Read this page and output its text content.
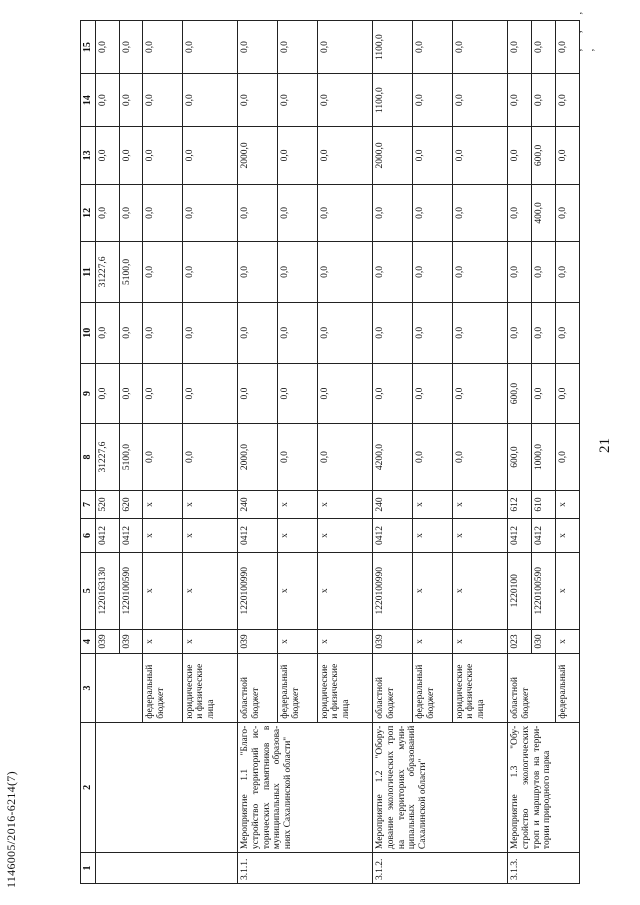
1146005/2016-6214(7)
21
ʼ ʼ ʼ ʼ
1	2	3	4	5	6	7	8	9	10	11	12	13	14	15
			039	1220163130	0412	520	31227,6	0,0	0,0	31227,6	0,0	0,0	0,0	0,0
			039	1220100590	0412	620	5100,0	0,0	0,0	5100,0	0,0	0,0	0,0	0,0
		федеральный бюджет	x	x	x	x	0,0	0,0	0,0	0,0	0,0	0,0	0,0	0,0
		юридические и физические лица	x	x	x	x	0,0	0,0	0,0	0,0	0,0	0,0	0,0	0,0
3.1.1.	Мероприятие 1.1 "Благо-устройство территорий ис-торических памятников в муниципальных образова-ниях Сахалинской области"	областной бюджет	039	1220100990	0412	240	2000,0	0,0	0,0	0,0	0,0	2000,0	0,0	0,0
		федеральный бюджет	x	x	x	x	0,0	0,0	0,0	0,0	0,0	0,0	0,0	0,0
		юридические и физические лица	x	x	x	x	0,0	0,0	0,0	0,0	0,0	0,0	0,0	0,0
3.1.2.	Мероприятие 1.2 "Обору-дование экологических троп на территориях муни-ципальных образований Сахалинской области"	областной бюджет	039	1220100990	0412	240	4200,0	0,0	0,0	0,0	0,0	2000,0	1100,0	1100,0
		федеральный бюджет	x	x	x	x	0,0	0,0	0,0	0,0	0,0	0,0	0,0	0,0
		юридические и физические лица	x	x	x	x	0,0	0,0	0,0	0,0	0,0	0,0	0,0	0,0
3.1.3.	Мероприятие 1.3 "Обу-стройство экологических троп и маршрутов на терри-тории природного парка	областной бюджет	023	1220100	0412	612	600,0	600,0	0,0	0,0	0,0	0,0	0,0	0,0
			030	1220100590	0412	610	1000,0	0,0	0,0	0,0	400,0	600,0	0,0	0,0
		федеральный	x	x	x	x	0,0	0,0	0,0	0,0	0,0	0,0	0,0	0,0
